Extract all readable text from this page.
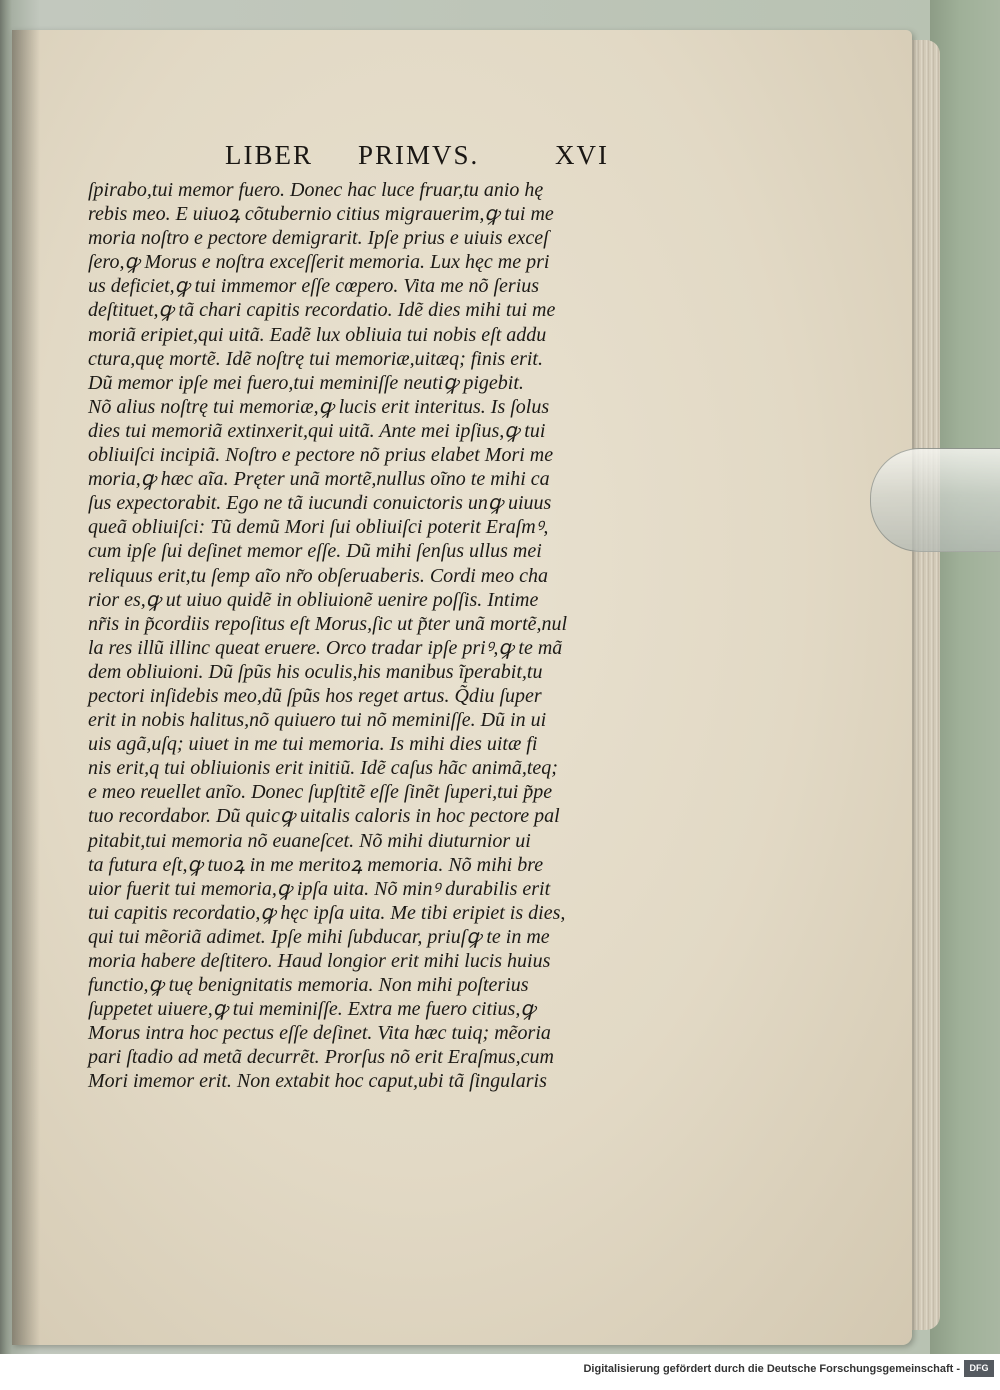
LIBER PRIMVS.	XVI
ſpirabo,tui memor fuero. Donec hac luce fruar,tu anio hę
rebis meo. E uiuoꝝ cõtubernio citius migrauerim,ꝙ tui me
moria noſtro e pectore demigrarit. Ipſe prius e uiuis exceſ
ſero,ꝙ Morus e noſtra exceſſerit memoria. Lux hęc me pri
us deficiet,ꝙ tui immemor eſſe cœpero. Vita me nõ ſerius
deſtituet,ꝙ tã chari capitis recordatio. Idẽ dies mihi tui me
moriã eripiet,qui uitã. Eadẽ lux obliuia tui nobis eſt addu
ctura,quę mortẽ. Idẽ noſtrę tui memoriæ,uitæq; finis erit.
Dũ memor ipſe mei fuero,tui meminiſſe neutiꝙ pigebit.
Nõ alius noſtrę tui memoriæ,ꝙ lucis erit interitus. Is ſolus
dies tui memoriã extinxerit,qui uitã. Ante mei ipſius,ꝙ tui
obliuiſci incipiã. Noſtro e pectore nõ prius elabet Mori me
moria,ꝙ hæc aĩa. Pręter unã mortẽ,nullus oĩno te mihi ca
ſus expectorabit. Ego ne tã iucundi conuictoris unꝙ uiuus
queã obliuiſci: Tũ demũ Mori ſui obliuiſci poterit Eraſmꝰ,
cum ipſe ſui deſinet memor eſſe. Dũ mihi ſenſus ullus mei
reliquus erit,tu ſemp aĩo nr̃o obſeruaberis. Cordi meo cha
rior es,ꝙ ut uiuo quidẽ in obliuionẽ uenire poſſis. Intime
nr̃is in p̃cordiis repoſitus eſt Morus,ſic ut p̃ter unã mortẽ,nul
la res illũ illinc queat eruere. Orco tradar ipſe priꝰ,ꝙ te mã
dem obliuioni. Dũ ſpũs his oculis,his manibus ĩperabit,tu
pectori inſidebis meo,dũ ſpũs hos reget artus. Q̃diu ſuper
erit in nobis halitus,nõ quiuero tui nõ meminiſſe. Dũ in ui
uis agã,uſq; uiuet in me tui memoria. Is mihi dies uitæ fi
nis erit,q tui obliuionis erit initiũ. Idẽ caſus hãc animã,teq;
e meo reuellet anĩo. Donec ſupſtitẽ eſſe ſinẽt ſuperi,tui p̃pe
tuo recordabor. Dũ quicꝙ uitalis caloris in hoc pectore pal
pitabit,tui memoria nõ euaneſcet. Nõ mihi diuturnior ui
ta futura eſt,ꝙ tuoꝝ in me meritoꝝ memoria. Nõ mihi bre
uior fuerit tui memoria,ꝙ ipſa uita. Nõ minꝰ durabilis erit
tui capitis recordatio,ꝙ hęc ipſa uita. Me tibi eripiet is dies,
qui tui mẽoriã adimet. Ipſe mihi ſubducar, priuſꝙ te in me
moria habere deſtitero. Haud longior erit mihi lucis huius
functio,ꝙ tuę benignitatis memoria. Non mihi poſterius
ſuppetet uiuere,ꝙ tui meminiſſe. Extra me fuero citius,ꝙ
Morus intra hoc pectus eſſe deſinet. Vita hæc tuiq; mẽoria
pari ſtadio ad metã decurrẽt. Prorſus nõ erit Eraſmus,cum
Mori imemor erit. Non extabit hoc caput,ubi tã ſingularis
Digitalisierung gefördert durch die Deutsche Forschungsgemeinschaft -	DFG
